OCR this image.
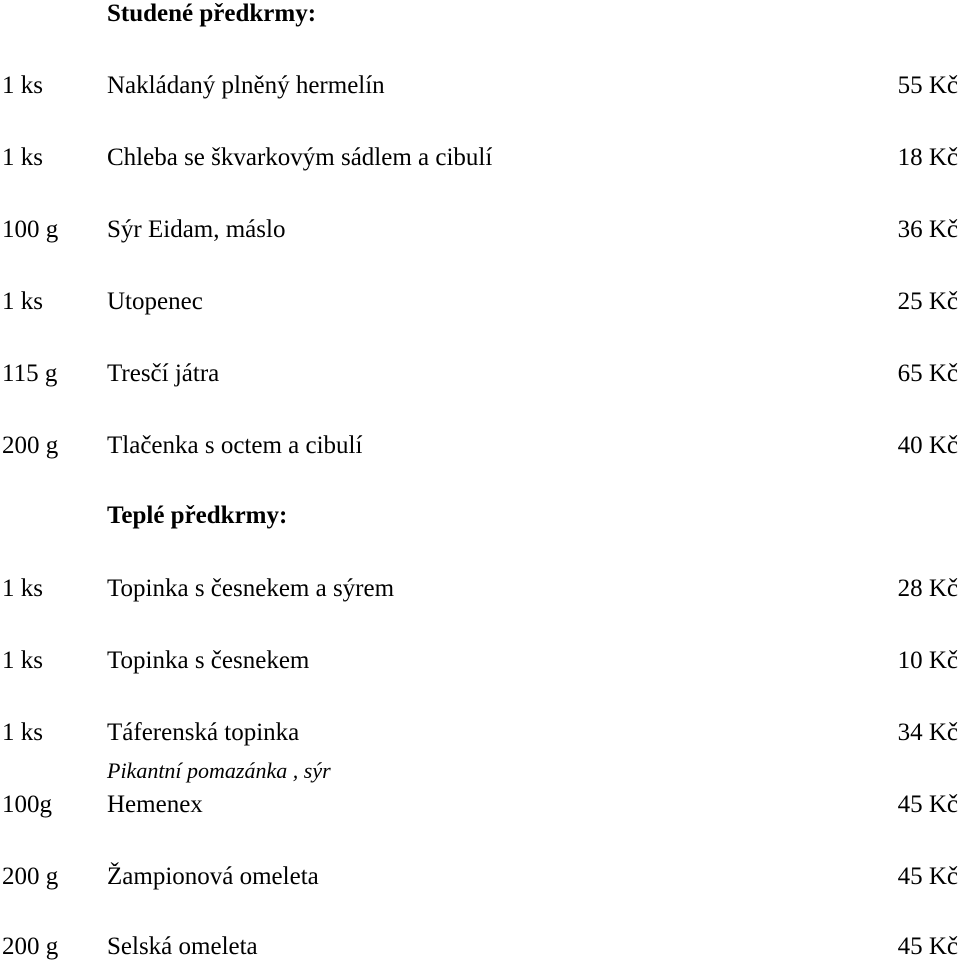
Studené předkrmy:
1 ks	Nakládaný plněný hermelín	55 Kč
1 ks	Chleba se škvarkovým sádlem a cibulí	18 Kč
100 g Sýr Eidam, máslo	36 Kč
1 ks	Utopenec	25 Kč
115 g Tresčí játra	65 Kč
200 g Tlačenka s octem a cibulí	40 Kč
Teplé předkrmy:
1 ks	Topinka s česnekem a sýrem	28 Kč
1 ks	Topinka s česnekem	10 Kč
1 ks	Táferenská topinka	34 Kč
Pikantní pomazánka , sýr
100g Hemenex	45 Kč
200 g Žampionová omeleta	45 Kč
200 g Selská omeleta	45 Kč
